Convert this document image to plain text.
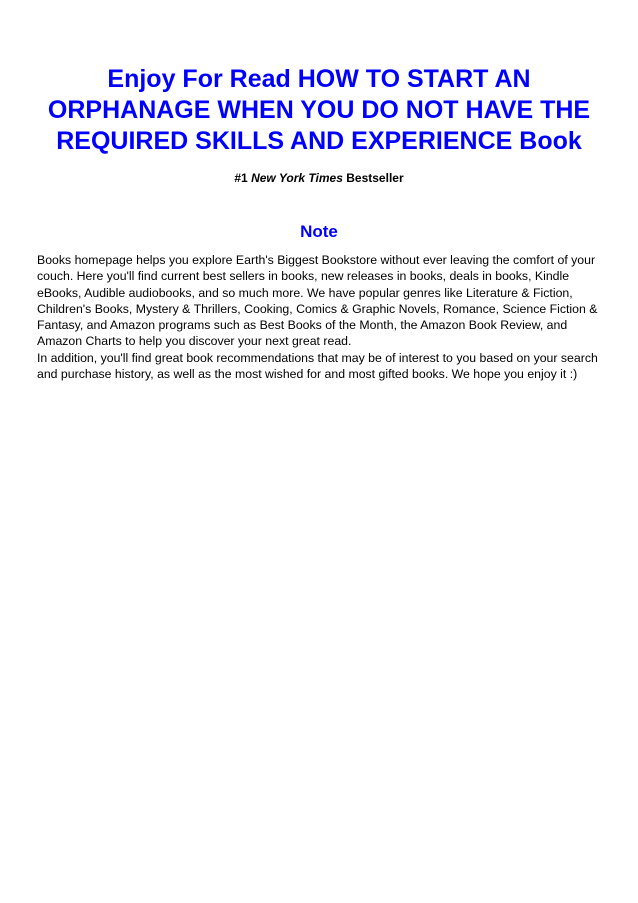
Enjoy For Read HOW TO START AN ORPHANAGE WHEN YOU DO NOT HAVE THE REQUIRED SKILLS AND EXPERIENCE Book
#1 New York Times Bestseller
Note

Books homepage helps you explore Earth's Biggest Bookstore without ever leaving the comfort of your couch. Here you'll find current best sellers in books, new releases in books, deals in books, Kindle eBooks, Audible audiobooks, and so much more. We have popular genres like Literature & Fiction, Children's Books, Mystery & Thrillers, Cooking, Comics & Graphic Novels, Romance, Science Fiction & Fantasy, and Amazon programs such as Best Books of the Month, the Amazon Book Review, and Amazon Charts to help you discover your next great read.

In addition, you'll find great book recommendations that may be of interest to you based on your search and purchase history, as well as the most wished for and most gifted books. We hope you enjoy it :)
